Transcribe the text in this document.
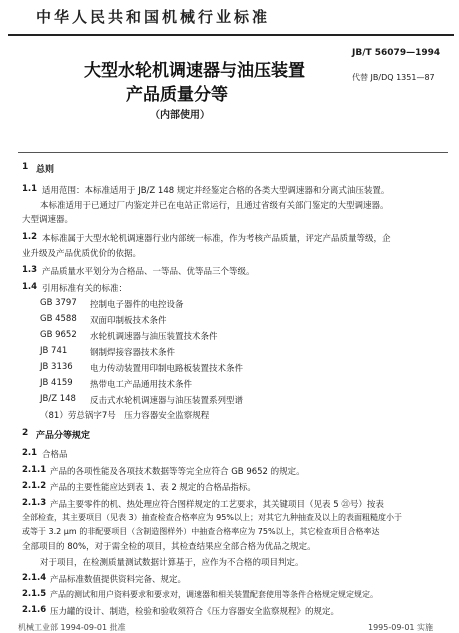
中华人民共和国机械行业标准
大型水轮机调速器与油压装置
产品质量分等
（内部使用）
JB/T 56079—1994
代替 JB/DQ 1351—87
1 总则
1.1 适用范围：本标准适用于 JB/Z 148 规定并经鉴定合格的各类大型调速器和分离式油压装置。
本标准适用于已通过厂内鉴定并已在电站正常运行，且通过省级有关部门鉴定的大型调速器。
大型调速器。
1.2 本标准属于大型水轮机调速器行业内部统一标准，作为考核产品质量，评定产品质量等级，企
业升级及产品优质优价的依据。
1.3 产品质量水平划分为合格品、一等品、优等品三个等级。
1.4 引用标准有关的标准：
GB 3797 控制电子器件的电控设备
GB 4588 双面印制板技术条件
GB 9652 水轮机调速器与油压装置技术条件
JB 741	钢制焊接容器技术条件
JB 3136 电力传动装置用印制电路板装置技术条件
JB 4159 热带电工产品通用技术条件
JB/Z 148 反击式水轮机调速器与油压装置系列型谱
（81）劳总锅字7号　压力容器安全监察规程
2 产品分等规定
2.1 合格品
2.1.1 产品的各项性能及各项技术数据等等完全应符合 GB 9652 的规定。
2.1.2 产品的主要性能应达到表 1、表 2 规定的合格品指标。
2.1.3 产品主要零件的机、热处理应符合图样规定的工艺要求，其关键项目（见表 5 ㉑号）按表
全部检查，其主要项目（见表 3）抽查检查合格率应为 95%以上；对其它九种抽查及以上的表面粗糙度小于
或等于 3.2 μm 的非配要项目（含制造图样外）中抽查合格率应为 75%以上，其它检查项目合格率达
全部项目的 80%，对于需全检的项目，其检查结果应全部合格为优品之规定。
对于项目，在检测质量测试数据计算基于，应作为不合格的项目判定。
2.1.4 产品标准数值提供资料完备、规定。
2.1.5 产品的测试和用户资料要求和要求对，调速器和相关装置配套使用等条件合格规定规定规定。
2.1.6 压力罐的设计、制造，检验和验收须符合《压力容器安全监察规程》的规定。
机械工业部 1994-09-01 批准	1995-09-01 实施
